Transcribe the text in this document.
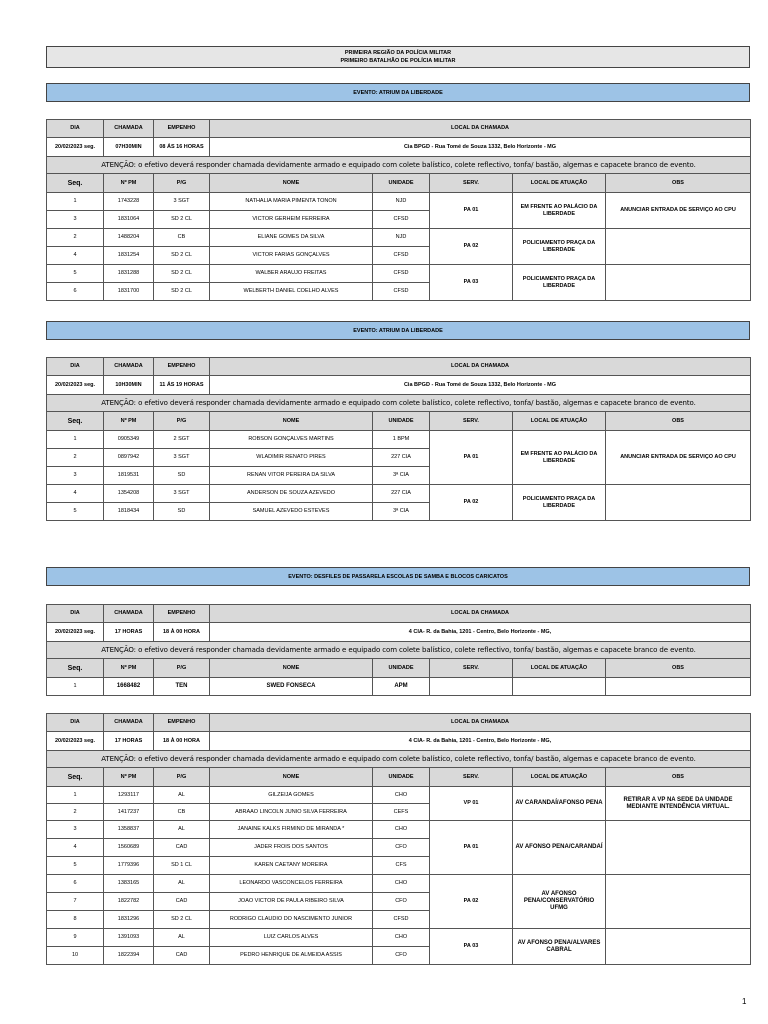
PRIMEIRA REGIÃO DA POLÍCIA MILITAR
PRIMEIRO BATALHÃO DE POLÍCIA MILITAR
EVENTO: ATRIUM DA LIBERDADE
DIA	CHAMADA	EMPENHO	LOCAL DA CHAMADA				
20/02/2023 seg.	07H30MIN	08 ÁS 16 HORAS	Cia BPGD - Rua Tomé de Souza 1332, Belo Horizonte - MG				
ATENÇÃO: o efetivo deverá responder chamada devidamente armado e equipado com colete balístico, colete reflectivo, tonfa/ bastão, algemas e capacete branco de evento.							
Seq.	Nº PM	P/G	NOME	UNIDADE	SERV.	LOCAL DE ATUAÇÃO	OBS
1	1743228	3 SGT	NATHALIA MARIA PIMENTA TONON	NJD	PA 01	EM FRENTE AO PALÁCIO DA LIBERDADE	ANUNCIAR ENTRADA DE SERVIÇO AO CPU
3	1831064	SD 2 CL	VICTOR GERHEIM FERREIRA	CFSD			
2	1488204	CB	ELIANE GOMES DA SILVA	NJD	PA 02	POLICIAMENTO PRAÇA DA LIBERDADE	
4	1831254	SD 2 CL	VICTOR FARIAS GONÇALVES	CFSD			
5	1831288	SD 2 CL	WALBER ARAUJO FREITAS	CFSD	PA 03	POLICIAMENTO PRAÇA DA LIBERDADE	
6	1831700	SD 2 CL	WELBERTH DANIEL COELHO ALVES	CFSD			
EVENTO: ATRIUM DA LIBERDADE
DIA	CHAMADA	EMPENHO	LOCAL DA CHAMADA				
20/02/2023 seg.	10H30MIN	11 ÁS 19 HORAS	Cia BPGD - Rua Tomé de Souza 1332, Belo Horizonte - MG				
ATENÇÃO: o efetivo deverá responder chamada devidamente armado e equipado com colete balístico, colete reflectivo, tonfa/ bastão, algemas e capacete branco de evento.							
Seq.	Nº PM	P/G	NOME	UNIDADE	SERV.	LOCAL DE ATUAÇÃO	OBS
1	0905349	2 SGT	ROBSON GONÇALVES MARTINS	1 BPM	PA 01	EM FRENTE AO PALÁCIO DA LIBERDADE	ANUNCIAR ENTRADA DE SERVIÇO AO CPU
2	0897942	3 SGT	WLADIMIR RENATO PIRES	227 CIA			
3	1819531	SD	RENAN VITOR PEREIRA DA SILVA	3ª CIA			
4	1354208	3 SGT	ANDERSON DE SOUZA AZEVEDO	227 CIA	PA 02	POLICIAMENTO PRAÇA DA LIBERDADE	
5	1818434	SD	SAMUEL AZEVEDO ESTEVES	3ª CIA			
EVENTO: DESFILES DE PASSARELA ESCOLAS DE SAMBA E BLOCOS CARICATOS
DIA	CHAMADA	EMPENHO	LOCAL DA CHAMADA				
20/02/2023 seg.	17 HORAS	18 À 00 HORA	4 CIA- R. da Bahia, 1201 - Centro, Belo Horizonte - MG,				
ATENÇÃO: o efetivo deverá responder chamada devidamente armado e equipado com colete balístico, colete reflectivo, tonfa/ bastão, algemas e capacete branco de evento.							
Seq.	Nº PM	P/G	NOME	UNIDADE	SERV.	LOCAL DE ATUAÇÃO	OBS
1	1668482	TEN	SWED FONSECA	APM			
DIA	CHAMADA	EMPENHO	LOCAL DA CHAMADA				
20/02/2023 seg.	17 HORAS	18 À 00 HORA	4 CIA- R. da Bahia, 1201 - Centro, Belo Horizonte - MG,				
ATENÇÃO: o efetivo deverá responder chamada devidamente armado e equipado com colete balístico, colete reflectivo, tonfa/ bastão, algemas e capacete branco de evento.							
Seq.	Nº PM	P/G	NOME	UNIDADE	SERV.	LOCAL DE ATUAÇÃO	OBS
1	1293117	AL	GILZEIJA GOMES	CHO	VP 01	AV CARANDAÍ/AFONSO PENA	RETIRAR A VP NA SEDE DA UNIDADE MEDIANTE INTENDÊNCIA VIRTUAL.
2	1417237	CB	ABRAAO LINCOLN JUNIO SILVA FERREIRA	CEFS			
3	1358837	AL	JANAINE KALKS FIRMINO DE MIRANDA *	CHO	PA 01	AV AFONSO PENA/CARANDAÍ	
4	1560689	CAD	JADER FROIS DOS SANTOS	CFO			
5	1779396	SD 1 CL	KAREN CAETANY MOREIRA	CFS			
6	1383165	AL	LEONARDO VASCONCELOS FERREIRA	CHO	PA 02	AV AFONSO PENA/CONSERVATÓRIO UFMG	
7	1822782	CAD	JOAO VICTOR DE PAULA RIBEIRO SILVA	CFO			
8	1831296	SD 2 CL	RODRIGO CLAUDIO DO NASCIMENTO JUNIOR	CFSD			
9	1391093	AL	LUIZ CARLOS ALVES	CHO	PA 03	AV AFONSO PENA/ALVARES CABRAL	
10	1822394	CAD	PEDRO HENRIQUE DE ALMEIDA ASSIS	CFO			
1
